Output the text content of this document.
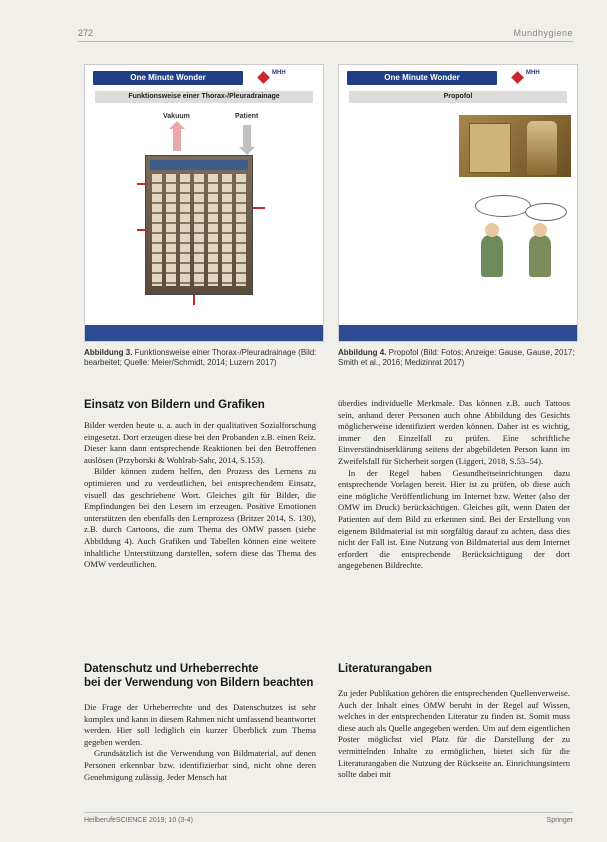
272	Mundhygiene
One Minute Wonder	MHH
Funktionsweise einer Thorax-/Pleuradrainage
Vakuum	Patient
One Minute Wonder	MHH
Propofol
Abbildung 3. Funktionsweise einer Thorax-/Pleuradrainage (Bild: bearbeitet; Quelle: Meier/Schmidt, 2014; Luzern 2017)
Abbildung 4. Propofol (Bild: Fotos; Anzeige: Gause, Gause, 2017; Smith et al., 2016; Medizinrat 2017)
Einsatz von Bildern und Grafiken

Bilder werden heute u. a. auch in der qualitativen Sozialforschung eingesetzt. Dort erzeugen diese bei den Probanden z.B. einen Reiz. Dieser kann dann entsprechende Reaktionen bei den Betroffenen auslösen (Przyborski & Wohlrab-Sahr, 2014, S.153).

Bilder können zudem helfen, den Prozess des Lernens zu optimieren und zu verdeutlichen, bei entsprechendem Einsatz, visuell das geschriebene Wort. Gleiches gilt für Bilder, die Empfindungen bei den Lesern im erzeugen. Positive Emotionen unterstützen den ebenfalls den Lernprozess (Britzer 2014, S. 130), z.B. durch Cartoons, die zum Thema des OMW passen (siehe Abbildung 4). Auch Grafiken und Tabellen können eine weitere inhaltliche Unterstützung darstellen, sofern diese das Thema des OMW verdeutlichen.

Datenschutz und Urheberrechte
bei der Verwendung von Bildern beachten

Die Frage der Urheberrechte und des Datenschutzes ist sehr komplex und kann in diesem Rahmen nicht umfassend beantwortet werden. Hier soll lediglich ein kurzer Überblick zum Thema gegeben werden.

Grundsätzlich ist die Verwendung von Bildmaterial, auf denen Personen erkennbar bzw. identifizierbar sind, nicht ohne deren Genehmigung zulässig. Jeder Mensch hat

überdies individuelle Merkmale. Das können z.B. auch Tattoos sein, anhand derer Personen auch ohne Abbildung des Gesichts möglicherweise identifiziert werden können. Daher ist es wichtig, immer den Einzelfall zu prüfen. Eine schriftliche Einverständniserklärung seitens der abgebildeten Person kann im Zweifelsfall für Sicherheit sorgen (Liggeri, 2018, S.53–54).

In der Regel haben Gesundheitseinrichtungen dazu entsprechende Vorlagen bereit. Hier ist zu prüfen, ob diese auch eine mögliche Veröffentlichung im Internet bzw. Wetter (also der OMW im Druck) berücksichtigen. Gleiches gilt, wenn Daten der Patienten auf dem Bild zu erkennen sind. Bei der Erstellung von eigenem Bildmaterial ist mit sorgfältig darauf zu achten, dass dies nicht der Fall ist. Eine Nutzung von Bildmaterial aus dem Internet erfordert die entsprechende Berücksichtigung der dort angegebenen Bildrechte.

Literaturangaben

Zu jeder Publikation gehören die entsprechenden Quellenverweise. Auch der Inhalt eines OMW beruht in der Regel auf Wissen, welches in der entsprechenden Literatur zu finden ist. Somit muss diese auch als Quelle angegeben werden. Um auf dem eigentlichen Poster möglichst viel Platz für die Darstellung der zu vermittelnden Inhalte zu ermöglichen, bietet sich für die Literaturangaben die Nutzung der Rückseite an. Einrichtungsintern sollte dabei mit

HeilberufeSCIENCE 2019; 10 (3-4)	Springer
